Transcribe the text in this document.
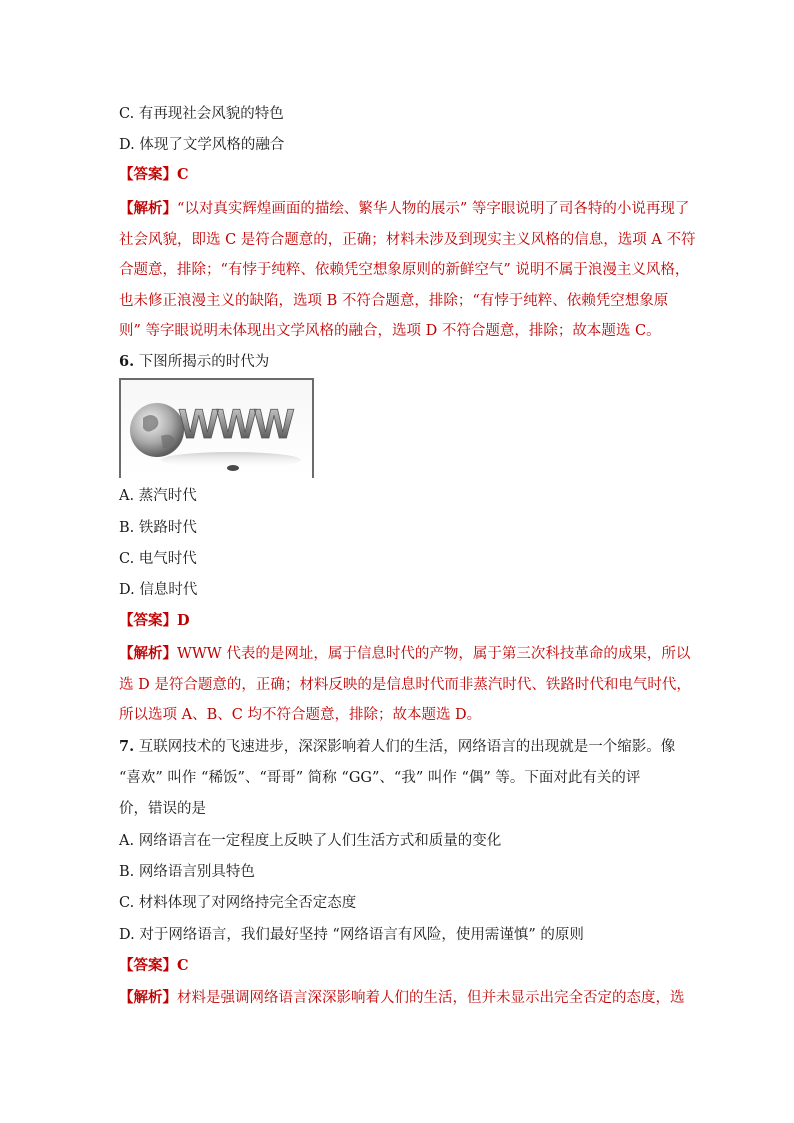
C. 有再现社会风貌的特色
D. 体现了文学风格的融合
【答案】C
【解析】“以对真实辉煌画面的描绘、繁华人物的展示” 等字眼说明了司各特的小说再现了
社会风貌，即选 C 是符合题意的，正确；材料未涉及到现实主义风格的信息，选项 A 不符
合题意，排除；“有悖于纯粹、依赖凭空想象原则的新鲜空气” 说明不属于浪漫主义风格，
也未修正浪漫主义的缺陷，选项 B 不符合题意，排除；“有悖于纯粹、依赖凭空想象原
则” 等字眼说明未体现出文学风格的融合，选项 D 不符合题意，排除；故本题选 C。
6. 下图所揭示的时代为
WWW
A. 蒸汽时代
B. 铁路时代
C. 电气时代
D. 信息时代
【答案】D
【解析】WWW 代表的是网址，属于信息时代的产物，属于第三次科技革命的成果，所以
选 D 是符合题意的，正确；材料反映的是信息时代而非蒸汽时代、铁路时代和电气时代，
所以选项 A、B、C 均不符合题意，排除；故本题选 D。
7. 互联网技术的飞速进步，深深影响着人们的生活，网络语言的出现就是一个缩影。像
“喜欢” 叫作 “稀饭”、“哥哥” 简称 “GG”、“我” 叫作 “偶” 等。下面对此有关的评
价，错误的是
A. 网络语言在一定程度上反映了人们生活方式和质量的变化
B. 网络语言别具特色
C. 材料体现了对网络持完全否定态度
D. 对于网络语言，我们最好坚持 “网络语言有风险，使用需谨慎” 的原则
【答案】C
【解析】材料是强调网络语言深深影响着人们的生活，但并未显示出完全否定的态度，选
